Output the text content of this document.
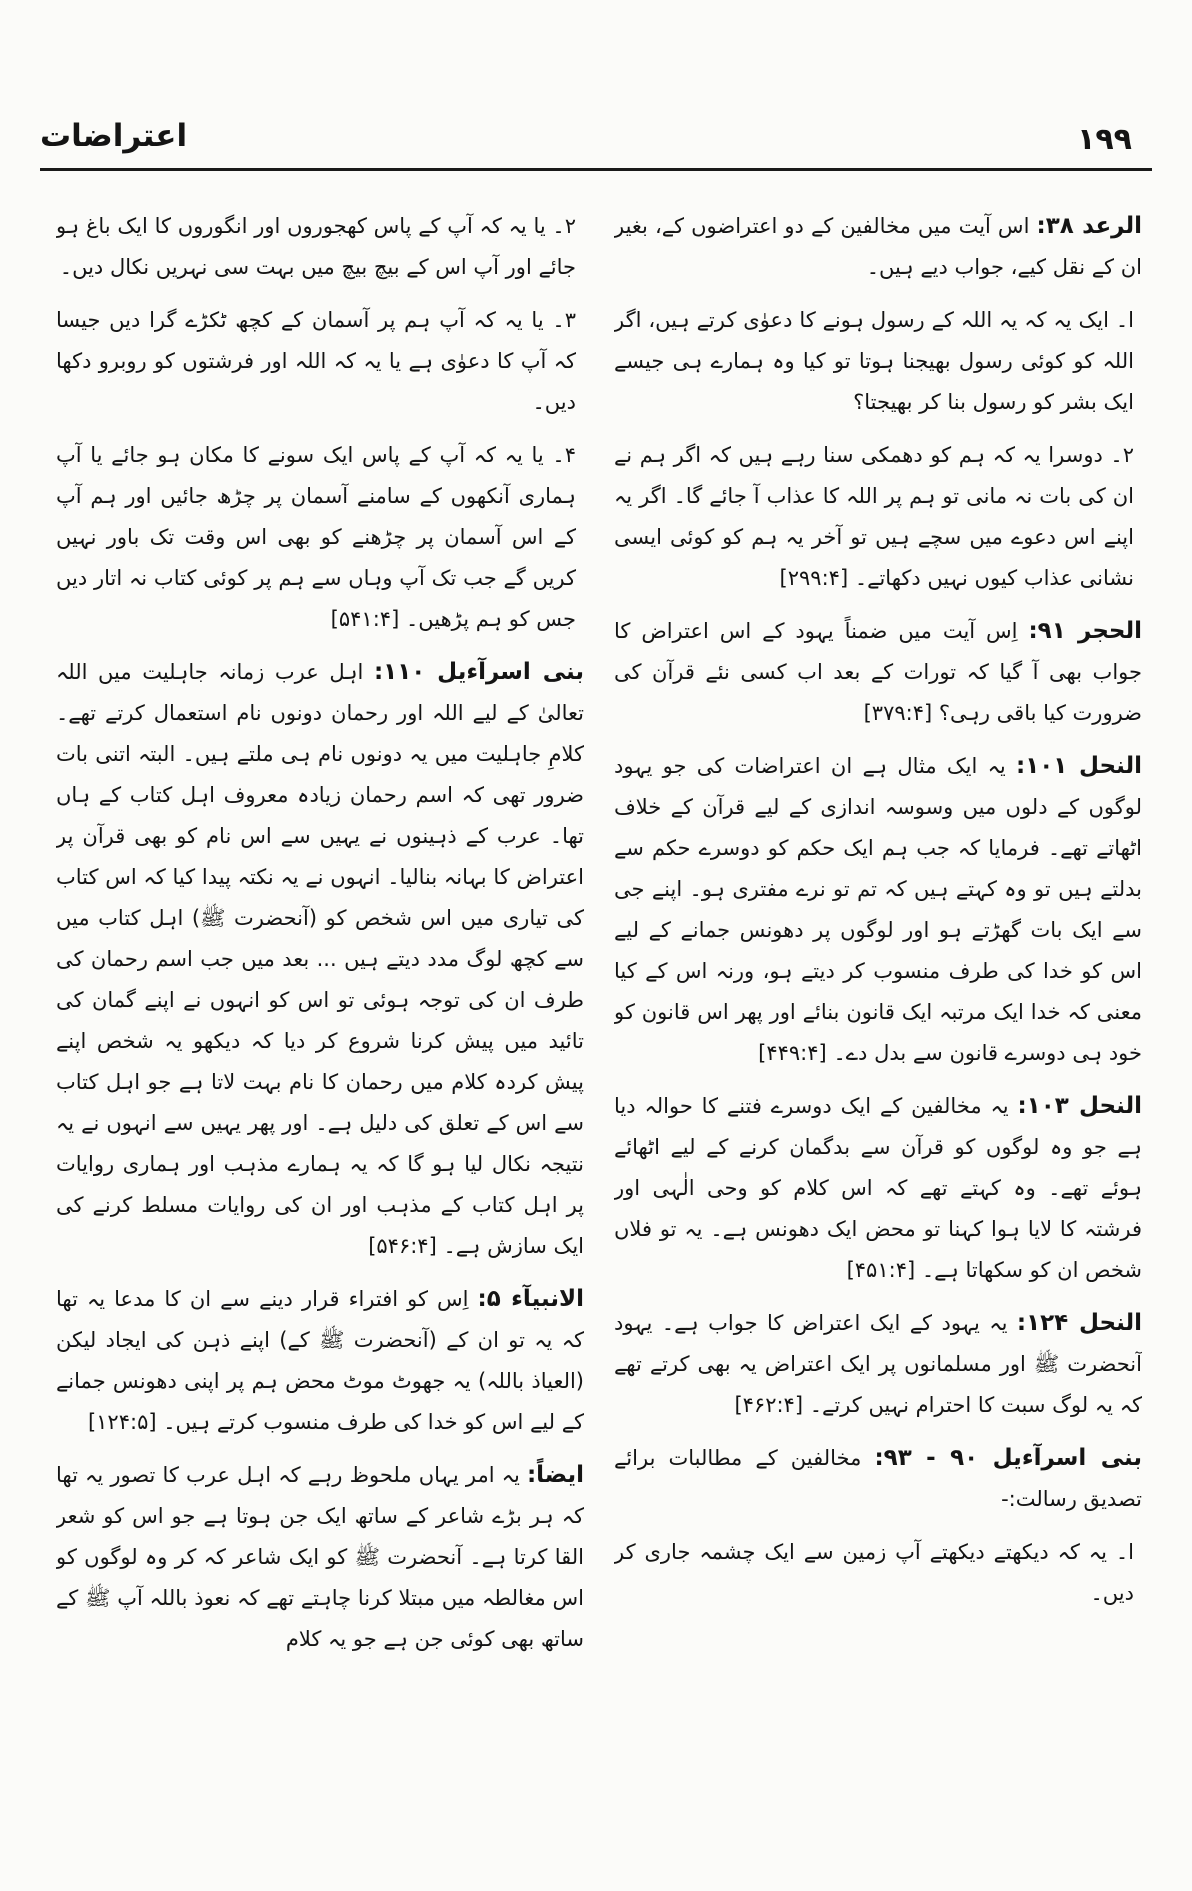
اعتراضات	۱۹۹

الرعد ۳۸: اس آیت میں مخالفین کے دو اعتراضوں کے، بغیر ان کے نقل کیے، جواب دیے ہیں۔

ا۔ ایک یہ کہ یہ اللہ کے رسول ہونے کا دعوٰی کرتے ہیں، اگر اللہ کو کوئی رسول بھیجنا ہوتا تو کیا وہ ہمارے ہی جیسے ایک بشر کو رسول بنا کر بھیجتا؟

۲۔ دوسرا یہ کہ ہم کو دھمکی سنا رہے ہیں کہ اگر ہم نے ان کی بات نہ مانی تو ہم پر اللہ کا عذاب آ جائے گا۔ اگر یہ اپنے اس دعوے میں سچے ہیں تو آخر یہ ہم کو کوئی ایسی نشانی عذاب کیوں نہیں دکھاتے۔ [۲۹۹:۴]

الحجر ۹۱: اِس آیت میں ضمناً یہود کے اس اعتراض کا جواب بھی آ گیا کہ تورات کے بعد اب کسی نئے قرآن کی ضرورت کیا باقی رہی؟ [۳۷۹:۴]

النحل ۱۰۱: یہ ایک مثال ہے ان اعتراضات کی جو یہود لوگوں کے دلوں میں وسوسہ اندازی کے لیے قرآن کے خلاف اٹھاتے تھے۔ فرمایا کہ جب ہم ایک حکم کو دوسرے حکم سے بدلتے ہیں تو وہ کہتے ہیں کہ تم تو نرے مفتری ہو۔ اپنے جی سے ایک بات گھڑتے ہو اور لوگوں پر دھونس جمانے کے لیے اس کو خدا کی طرف منسوب کر دیتے ہو، ورنہ اس کے کیا معنی کہ خدا ایک مرتبہ ایک قانون بنائے اور پھر اس قانون کو خود ہی دوسرے قانون سے بدل دے۔ [۴۴۹:۴]

النحل ۱۰۳: یہ مخالفین کے ایک دوسرے فتنے کا حوالہ دیا ہے جو وہ لوگوں کو قرآن سے بدگمان کرنے کے لیے اٹھائے ہوئے تھے۔ وہ کہتے تھے کہ اس کلام کو وحی الٰہی اور فرشتہ کا لایا ہوا کہنا تو محض ایک دھونس ہے۔ یہ تو فلاں شخص ان کو سکھاتا ہے۔ [۴۵۱:۴]

النحل ۱۲۴: یہ یہود کے ایک اعتراض کا جواب ہے۔ یہود آنحضرت ﷺ اور مسلمانوں پر ایک اعتراض یہ بھی کرتے تھے کہ یہ لوگ سبت کا احترام نہیں کرتے۔ [۴۶۲:۴]

بنی اسرآءیل ۹۰ - ۹۳: مخالفین کے مطالبات برائے تصدیق رسالت:-

ا۔ یہ کہ دیکھتے دیکھتے آپ زمین سے ایک چشمہ جاری کر دیں۔

۲۔ یا یہ کہ آپ کے پاس کھجوروں اور انگوروں کا ایک باغ ہو جائے اور آپ اس کے بیچ بیچ میں بہت سی نہریں نکال دیں۔

۳۔ یا یہ کہ آپ ہم پر آسمان کے کچھ ٹکڑے گرا دیں جیسا کہ آپ کا دعوٰی ہے یا یہ کہ اللہ اور فرشتوں کو روبرو دکھا دیں۔

۴۔ یا یہ کہ آپ کے پاس ایک سونے کا مکان ہو جائے یا آپ ہماری آنکھوں کے سامنے آسمان پر چڑھ جائیں اور ہم آپ کے اس آسمان پر چڑھنے کو بھی اس وقت تک باور نہیں کریں گے جب تک آپ وہاں سے ہم پر کوئی کتاب نہ اتار دیں جس کو ہم پڑھیں۔ [۵۴۱:۴]

بنی اسرآءیل ۱۱۰: اہل عرب زمانہ جاہلیت میں اللہ تعالیٰ کے لیے اللہ اور رحمان دونوں نام استعمال کرتے تھے۔ کلامِ جاہلیت میں یہ دونوں نام ہی ملتے ہیں۔ البتہ اتنی بات ضرور تھی کہ اسم رحمان زیادہ معروف اہل کتاب کے ہاں تھا۔ عرب کے ذہینوں نے یہیں سے اس نام کو بھی قرآن پر اعتراض کا بہانہ بنالیا۔ انہوں نے یہ نکتہ پیدا کیا کہ اس کتاب کی تیاری میں اس شخص کو (آنحضرت ﷺ) اہل کتاب میں سے کچھ لوگ مدد دیتے ہیں ... بعد میں جب اسم رحمان کی طرف ان کی توجہ ہوئی تو اس کو انہوں نے اپنے گمان کی تائید میں پیش کرنا شروع کر دیا کہ دیکھو یہ شخص اپنے پیش کردہ کلام میں رحمان کا نام بہت لاتا ہے جو اہل کتاب سے اس کے تعلق کی دلیل ہے۔ اور پھر یہیں سے انہوں نے یہ نتیجہ نکال لیا ہو گا کہ یہ ہمارے مذہب اور ہماری روایات پر اہل کتاب کے مذہب اور ان کی روایات مسلط کرنے کی ایک سازش ہے۔ [۵۴۶:۴]

الانبیآء ۵: اِس کو افتراء قرار دینے سے ان کا مدعا یہ تھا کہ یہ تو ان کے (آنحضرت ﷺ کے) اپنے ذہن کی ایجاد لیکن (العیاذ باللہ) یہ جھوٹ موٹ محض ہم پر اپنی دھونس جمانے کے لیے اس کو خدا کی طرف منسوب کرتے ہیں۔ [۱۲۴:۵]

ایضاً: یہ امر یہاں ملحوظ رہے کہ اہل عرب کا تصور یہ تھا کہ ہر بڑے شاعر کے ساتھ ایک جن ہوتا ہے جو اس کو شعر القا کرتا ہے۔ آنحضرت ﷺ کو ایک شاعر کہ کر وہ لوگوں کو اس مغالطہ میں مبتلا کرنا چاہتے تھے کہ نعوذ باللہ آپ ﷺ کے ساتھ بھی کوئی جن ہے جو یہ کلام
